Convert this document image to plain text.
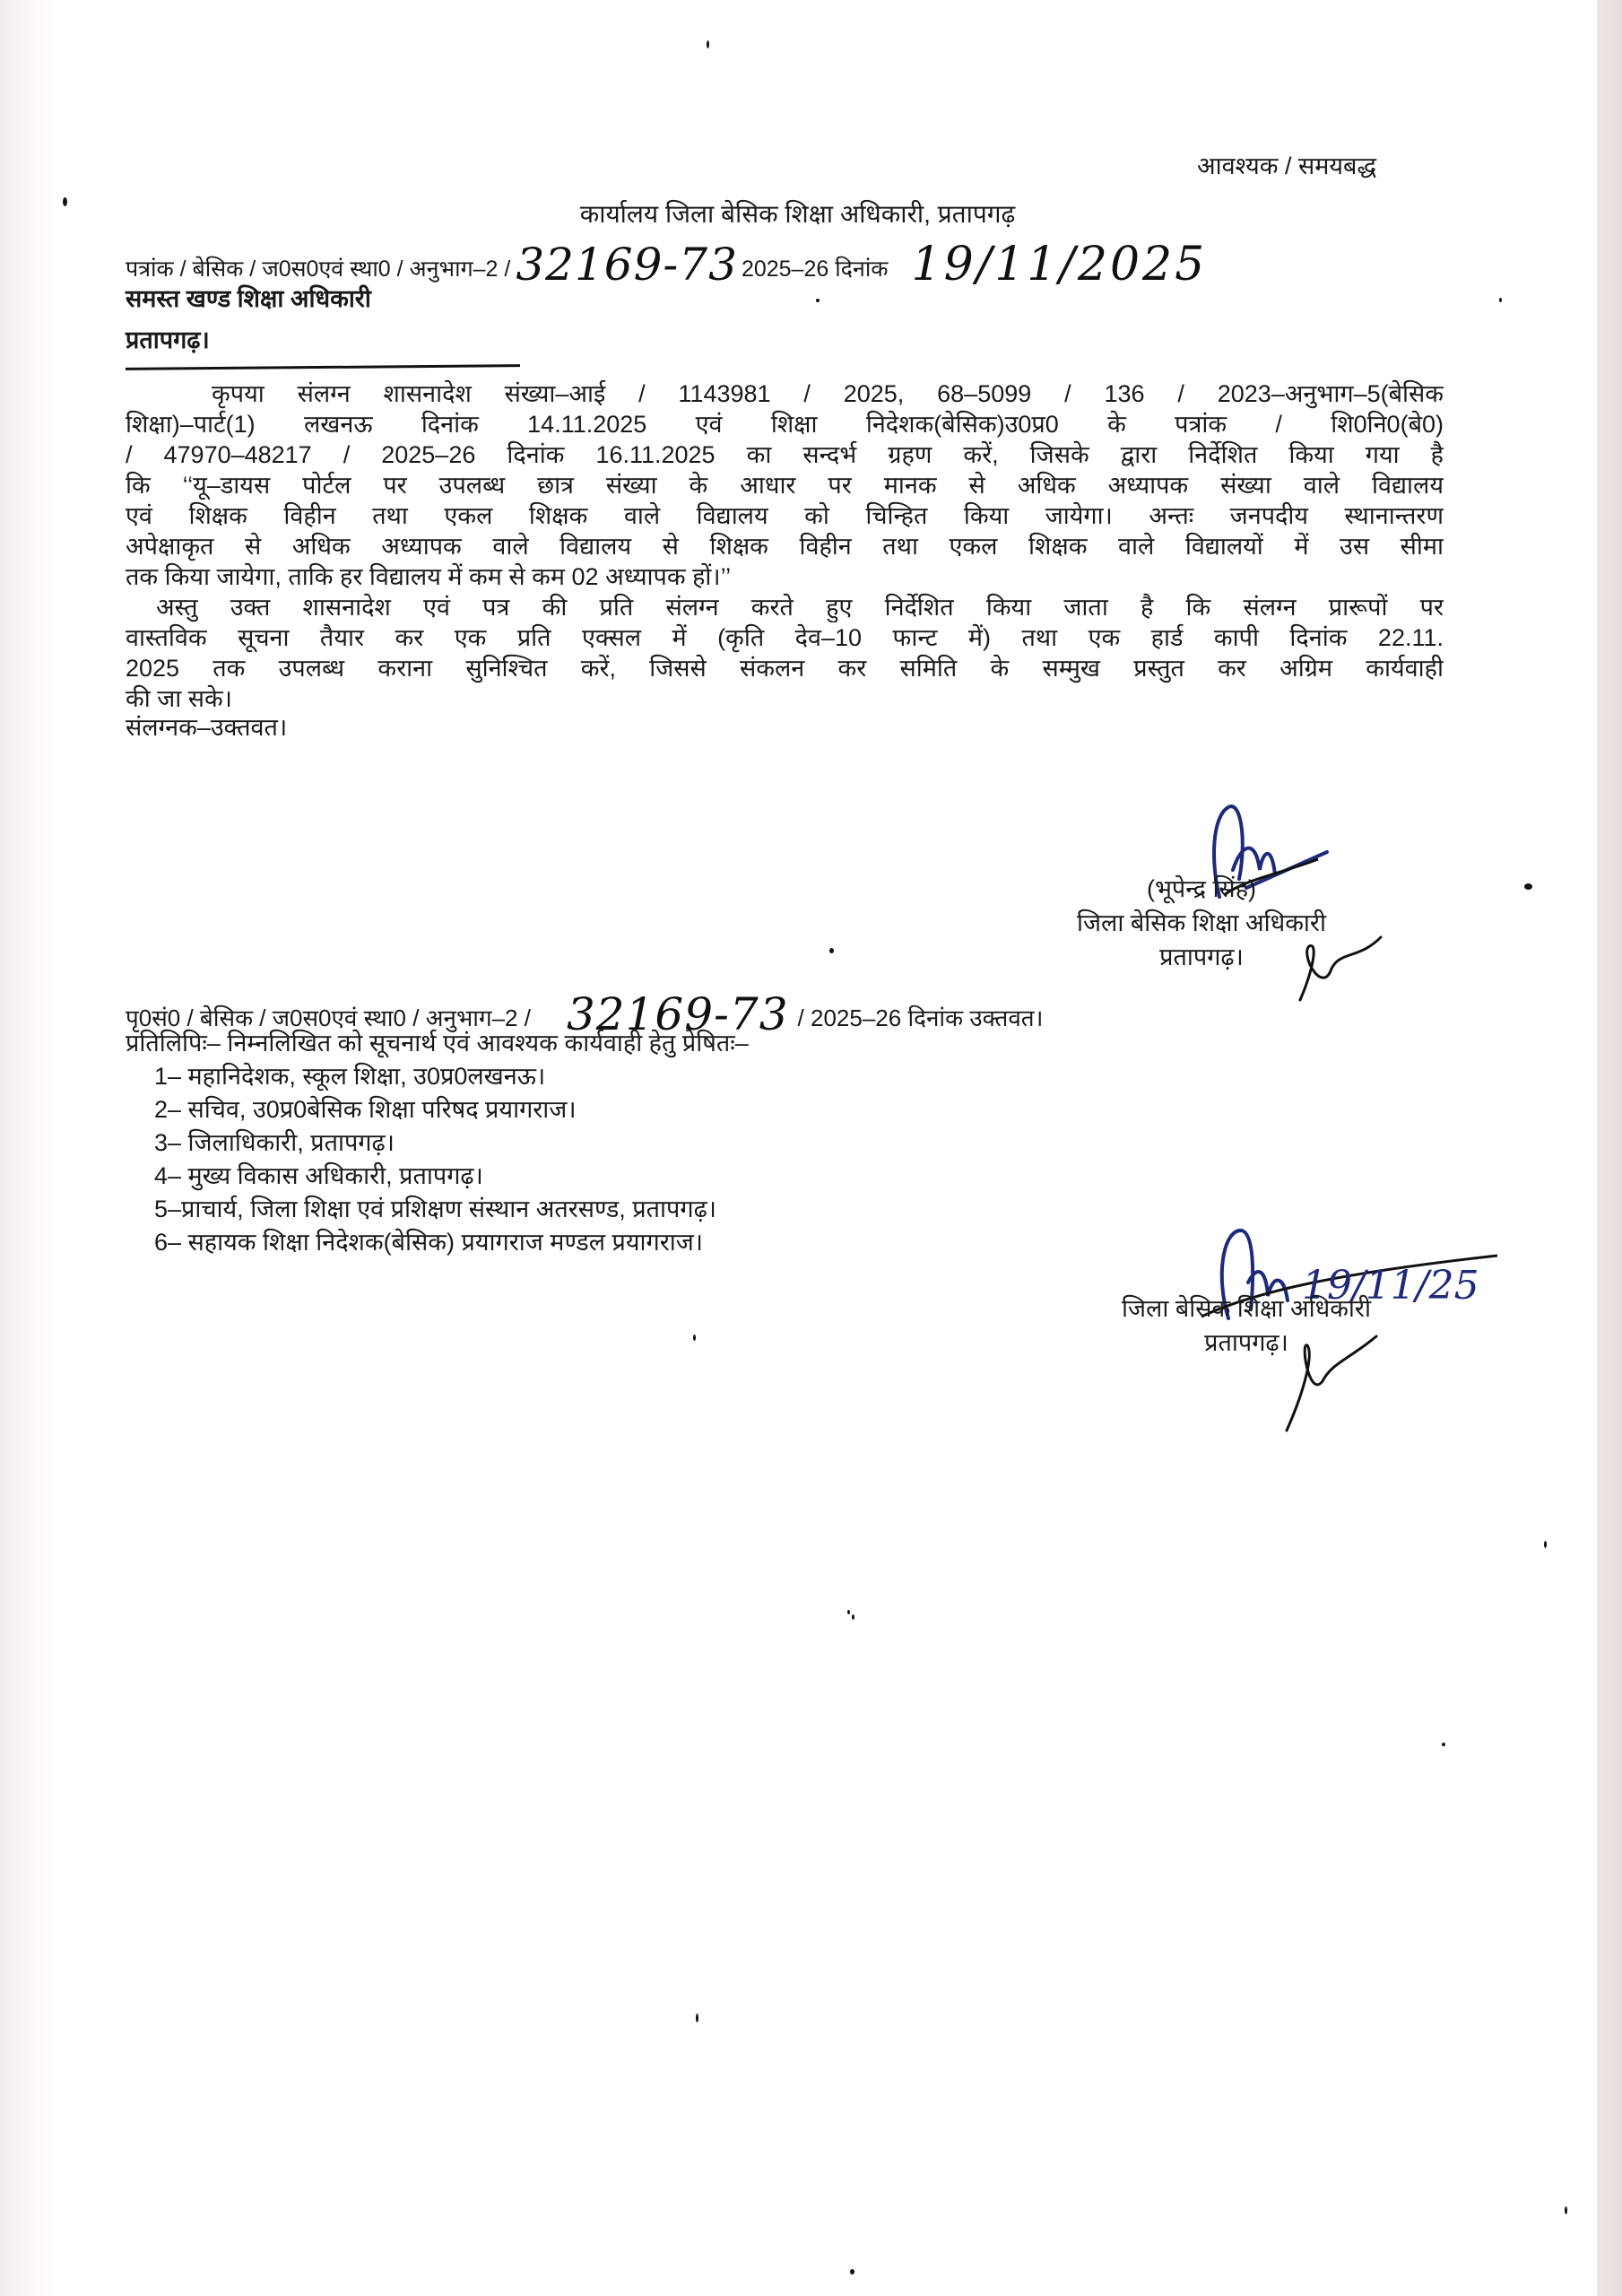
आवश्यक / समयबद्ध
कार्यालय जिला बेसिक शिक्षा अधिकारी, प्रतापगढ़
पत्रांक / बेसिक / ज0स0एवं स्था0 / अनुभाग–2 / 32169-73 2025–26 दिनांक 19/11/2025
समस्त खण्ड शिक्षा अधिकारी
प्रतापगढ़।
कृपया संलग्न शासनादेश संख्या–आई / 1143981 / 2025, 68–5099 / 136 / 2023–अनुभाग–5(बेसिक
शिक्षा)–पार्ट(1) लखनऊ दिनांक 14.11.2025 एवं शिक्षा निदेशक(बेसिक)उ0प्र0 के पत्रांक / शि0नि0(बे0)
/ 47970–48217 / 2025–26 दिनांक 16.11.2025 का सन्दर्भ ग्रहण करें, जिसके द्वारा निर्देशित किया गया है
कि ‘‘यू–डायस पोर्टल पर उपलब्ध छात्र संख्या के आधार पर मानक से अधिक अध्यापक संख्या वाले विद्यालय
एवं शिक्षक विहीन तथा एकल शिक्षक वाले विद्यालय को चिन्हित किया जायेगा। अन्तः जनपदीय स्थानान्तरण
अपेक्षाकृत से अधिक अध्यापक वाले विद्यालय से शिक्षक विहीन तथा एकल शिक्षक वाले विद्यालयों में उस सीमा
तक किया जायेगा, ताकि हर विद्यालय में कम से कम 02 अध्यापक हों।’’
अस्तु उक्त शासनादेश एवं पत्र की प्रति संलग्न करते हुए निर्देशित किया जाता है कि संलग्न प्रारूपों पर
वास्तविक सूचना तैयार कर एक प्रति एक्सल में (कृति देव–10 फान्ट में) तथा एक हार्ड कापी दिनांक 22.11.
2025 तक उपलब्ध कराना सुनिश्चित करें, जिससे संकलन कर समिति के सम्मुख प्रस्तुत कर अग्रिम कार्यवाही
की जा सके।
संलग्नक–उक्तवत।
(भूपेन्द्र सिंह)
जिला बेसिक शिक्षा अधिकारी
प्रतापगढ़।
पृ0सं0 / बेसिक / ज0स0एवं स्था0 / अनुभाग–2 / 32169-73 / 2025–26 दिनांक उक्तवत।
प्रतिलिपिः– निम्नलिखित को सूचनार्थ एवं आवश्यक कार्यवाही हेतु प्रेषितः–
1– महानिदेशक, स्कूल शिक्षा, उ0प्र0लखनऊ।
2– सचिव, उ0प्र0बेसिक शिक्षा परिषद प्रयागराज।
3– जिलाधिकारी, प्रतापगढ़।
4– मुख्य विकास अधिकारी, प्रतापगढ़।
5–प्राचार्य, जिला शिक्षा एवं प्रशिक्षण संस्थान अतरसण्ड, प्रतापगढ़।
6– सहायक शिक्षा निदेशक(बेसिक) प्रयागराज मण्डल प्रयागराज।
19/11/25
जिला बेसिक शिक्षा अधिकारी
प्रतापगढ़।
